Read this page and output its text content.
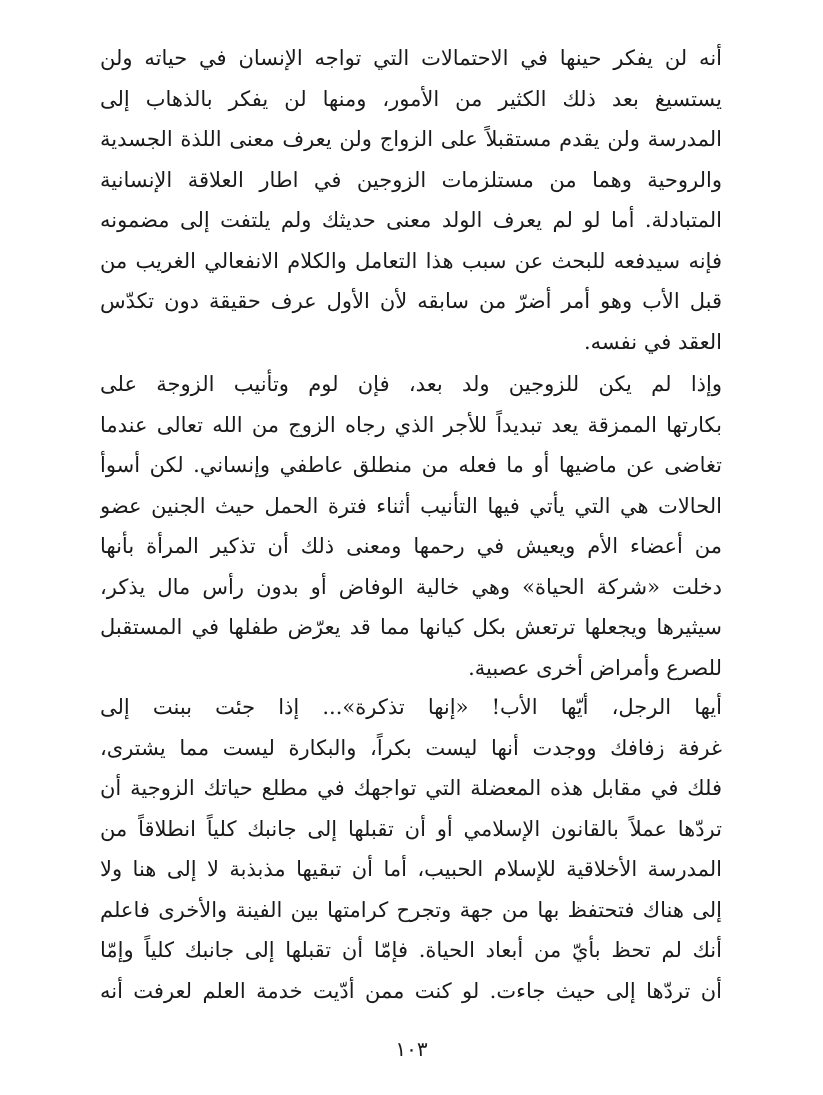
أنه لن يفكر حينها في الاحتمالات التي تواجه الإنسان في حياته ولن
يستسيغ بعد ذلك الكثير من الأمور، ومنها لن يفكر بالذهاب إلى
المدرسة ولن يقدم مستقبلاً على الزواج ولن يعرف معنى اللذة الجسدية
والروحية وهما من مستلزمات الزوجين في اطار العلاقة الإنسانية
المتبادلة. أما لو لم يعرف الولد معنى حديثك ولم يلتفت إلى مضمونه
فإنه سيدفعه للبحث عن سبب هذا التعامل والكلام الانفعالي الغريب من
قبل الأب وهو أمر أضرّ من سابقه لأن الأول عرف حقيقة دون تكدّس
العقد في نفسه.
وإذا لم يكن للزوجين ولد بعد، فإن لوم وتأنيب الزوجة على
بكارتها الممزقة يعد تبديداً للأجر الذي رجاه الزوج من الله تعالى عندما
تغاضى عن ماضيها أو ما فعله من منطلق عاطفي وإنساني. لكن أسوأ
الحالات هي التي يأتي فيها التأنيب أثناء فترة الحمل حيث الجنين عضو
من أعضاء الأم ويعيش في رحمها ومعنى ذلك أن تذكير المرأة بأنها
دخلت «شركة الحياة» وهي خالية الوفاض أو بدون رأس مال يذكر،
سيثيرها ويجعلها ترتعش بكل كيانها مما قد يعرّض طفلها في المستقبل
للصرع وأمراض أخرى عصبية.
أيها الرجل، أيّها الأب! «إنها تذكرة»... إذا جئت ببنت إلى
غرفة زفافك ووجدت أنها ليست بكراً، والبكارة ليست مما يشترى،
فلك في مقابل هذه المعضلة التي تواجهك في مطلع حياتك الزوجية أن
تردّها عملاً بالقانون الإسلامي أو أن تقبلها إلى جانبك كلياً انطلاقاً من
المدرسة الأخلاقية للإسلام الحبيب، أما أن تبقيها مذبذبة لا إلى هنا ولا
إلى هناك فتحتفظ بها من جهة وتجرح كرامتها بين الفينة والأخرى فاعلم
أنك لم تحظ بأيّ من أبعاد الحياة. فإمّا أن تقبلها إلى جانبك كلياً وإمّا
أن تردّها إلى حيث جاءت. لو كنت ممن أدّيت خدمة العلم لعرفت أنه
١٠٣
